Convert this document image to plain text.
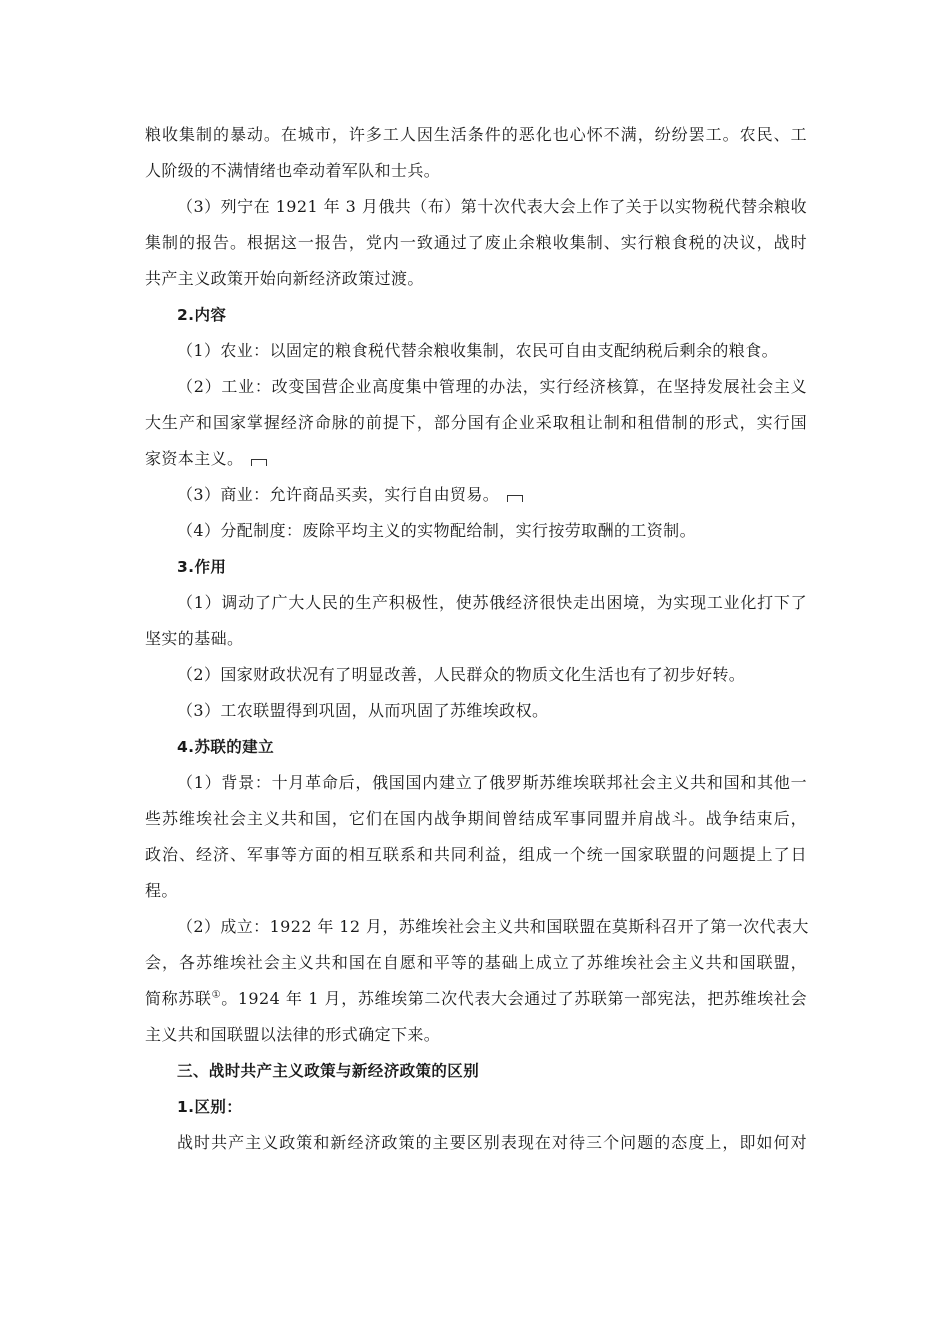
粮收集制的暴动。在城市，许多工人因生活条件的恶化也心怀不满，纷纷罢工。农民、工
人阶级的不满情绪也牵动着军队和士兵。
（3）列宁在 1921 年 3 月俄共（布）第十次代表大会上作了关于以实物税代替余粮收
集制的报告。根据这一报告，党内一致通过了废止余粮收集制、实行粮食税的决议，战时
共产主义政策开始向新经济政策过渡。
2.内容
（1）农业：以固定的粮食税代替余粮收集制，农民可自由支配纳税后剩余的粮食。
（2）工业：改变国营企业高度集中管理的办法，实行经济核算，在坚持发展社会主义
大生产和国家掌握经济命脉的前提下，部分国有企业采取租让制和租借制的形式，实行国
家资本主义。
（3）商业：允许商品买卖，实行自由贸易。
（4）分配制度：废除平均主义的实物配给制，实行按劳取酬的工资制。
3.作用
（1）调动了广大人民的生产积极性，使苏俄经济很快走出困境，为实现工业化打下了
坚实的基础。
（2）国家财政状况有了明显改善，人民群众的物质文化生活也有了初步好转。
（3）工农联盟得到巩固，从而巩固了苏维埃政权。
4.苏联的建立
（1）背景：十月革命后，俄国国内建立了俄罗斯苏维埃联邦社会主义共和国和其他一
些苏维埃社会主义共和国，它们在国内战争期间曾结成军事同盟并肩战斗。战争结束后，
政治、经济、军事等方面的相互联系和共同利益，组成一个统一国家联盟的问题提上了日
程。
（2）成立：1922 年 12 月，苏维埃社会主义共和国联盟在莫斯科召开了第一次代表大
会，各苏维埃社会主义共和国在自愿和平等的基础上成立了苏维埃社会主义共和国联盟，
简称苏联①。1924 年 1 月，苏维埃第二次代表大会通过了苏联第一部宪法，把苏维埃社会
主义共和国联盟以法律的形式确定下来。
三、战时共产主义政策与新经济政策的区别
1.区别：
战时共产主义政策和新经济政策的主要区别表现在对待三个问题的态度上，即如何对
